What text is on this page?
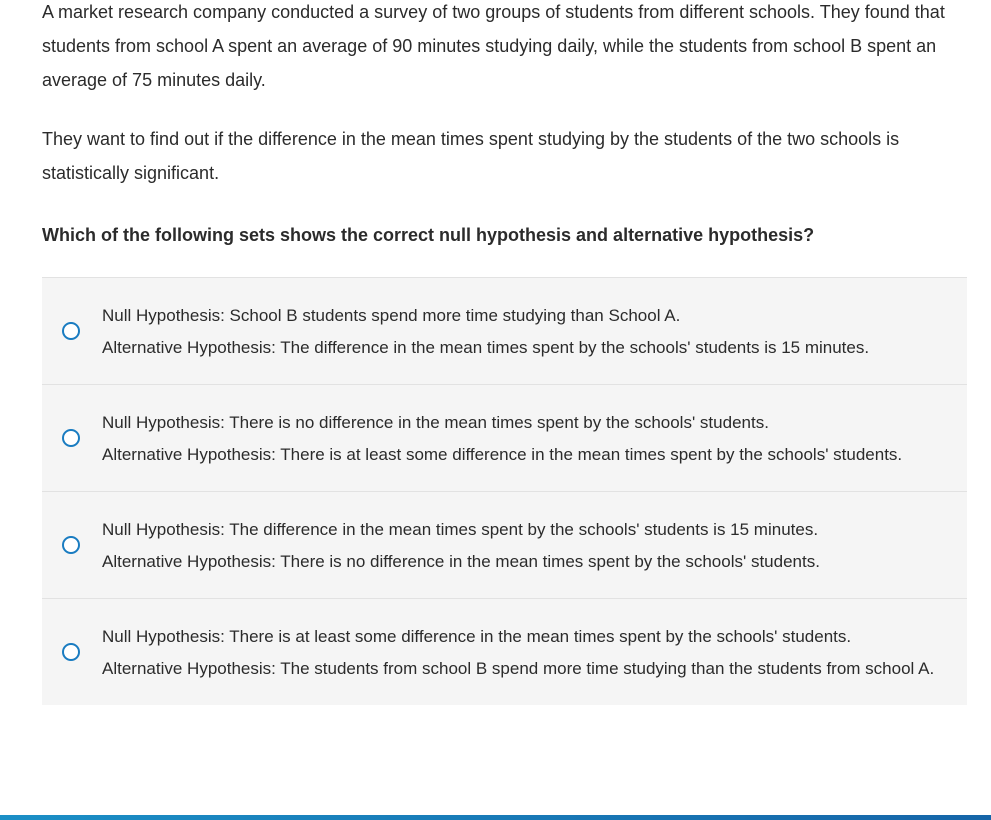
A market research company conducted a survey of two groups of students from different schools. They found that students from school A spent an average of 90 minutes studying daily, while the students from school B spent an average of 75 minutes daily.

They want to find out if the difference in the mean times spent studying by the students of the two schools is statistically significant.

Which of the following sets shows the correct null hypothesis and alternative hypothesis?
Null Hypothesis: School B students spend more time studying than School A.
Alternative Hypothesis: The difference in the mean times spent by the schools' students is 15 minutes.
Null Hypothesis: There is no difference in the mean times spent by the schools' students.
Alternative Hypothesis: There is at least some difference in the mean times spent by the schools' students.
Null Hypothesis: The difference in the mean times spent by the schools' students is 15 minutes.
Alternative Hypothesis: There is no difference in the mean times spent by the schools' students.
Null Hypothesis: There is at least some difference in the mean times spent by the schools' students.
Alternative Hypothesis: The students from school B spend more time studying than the students from school A.
